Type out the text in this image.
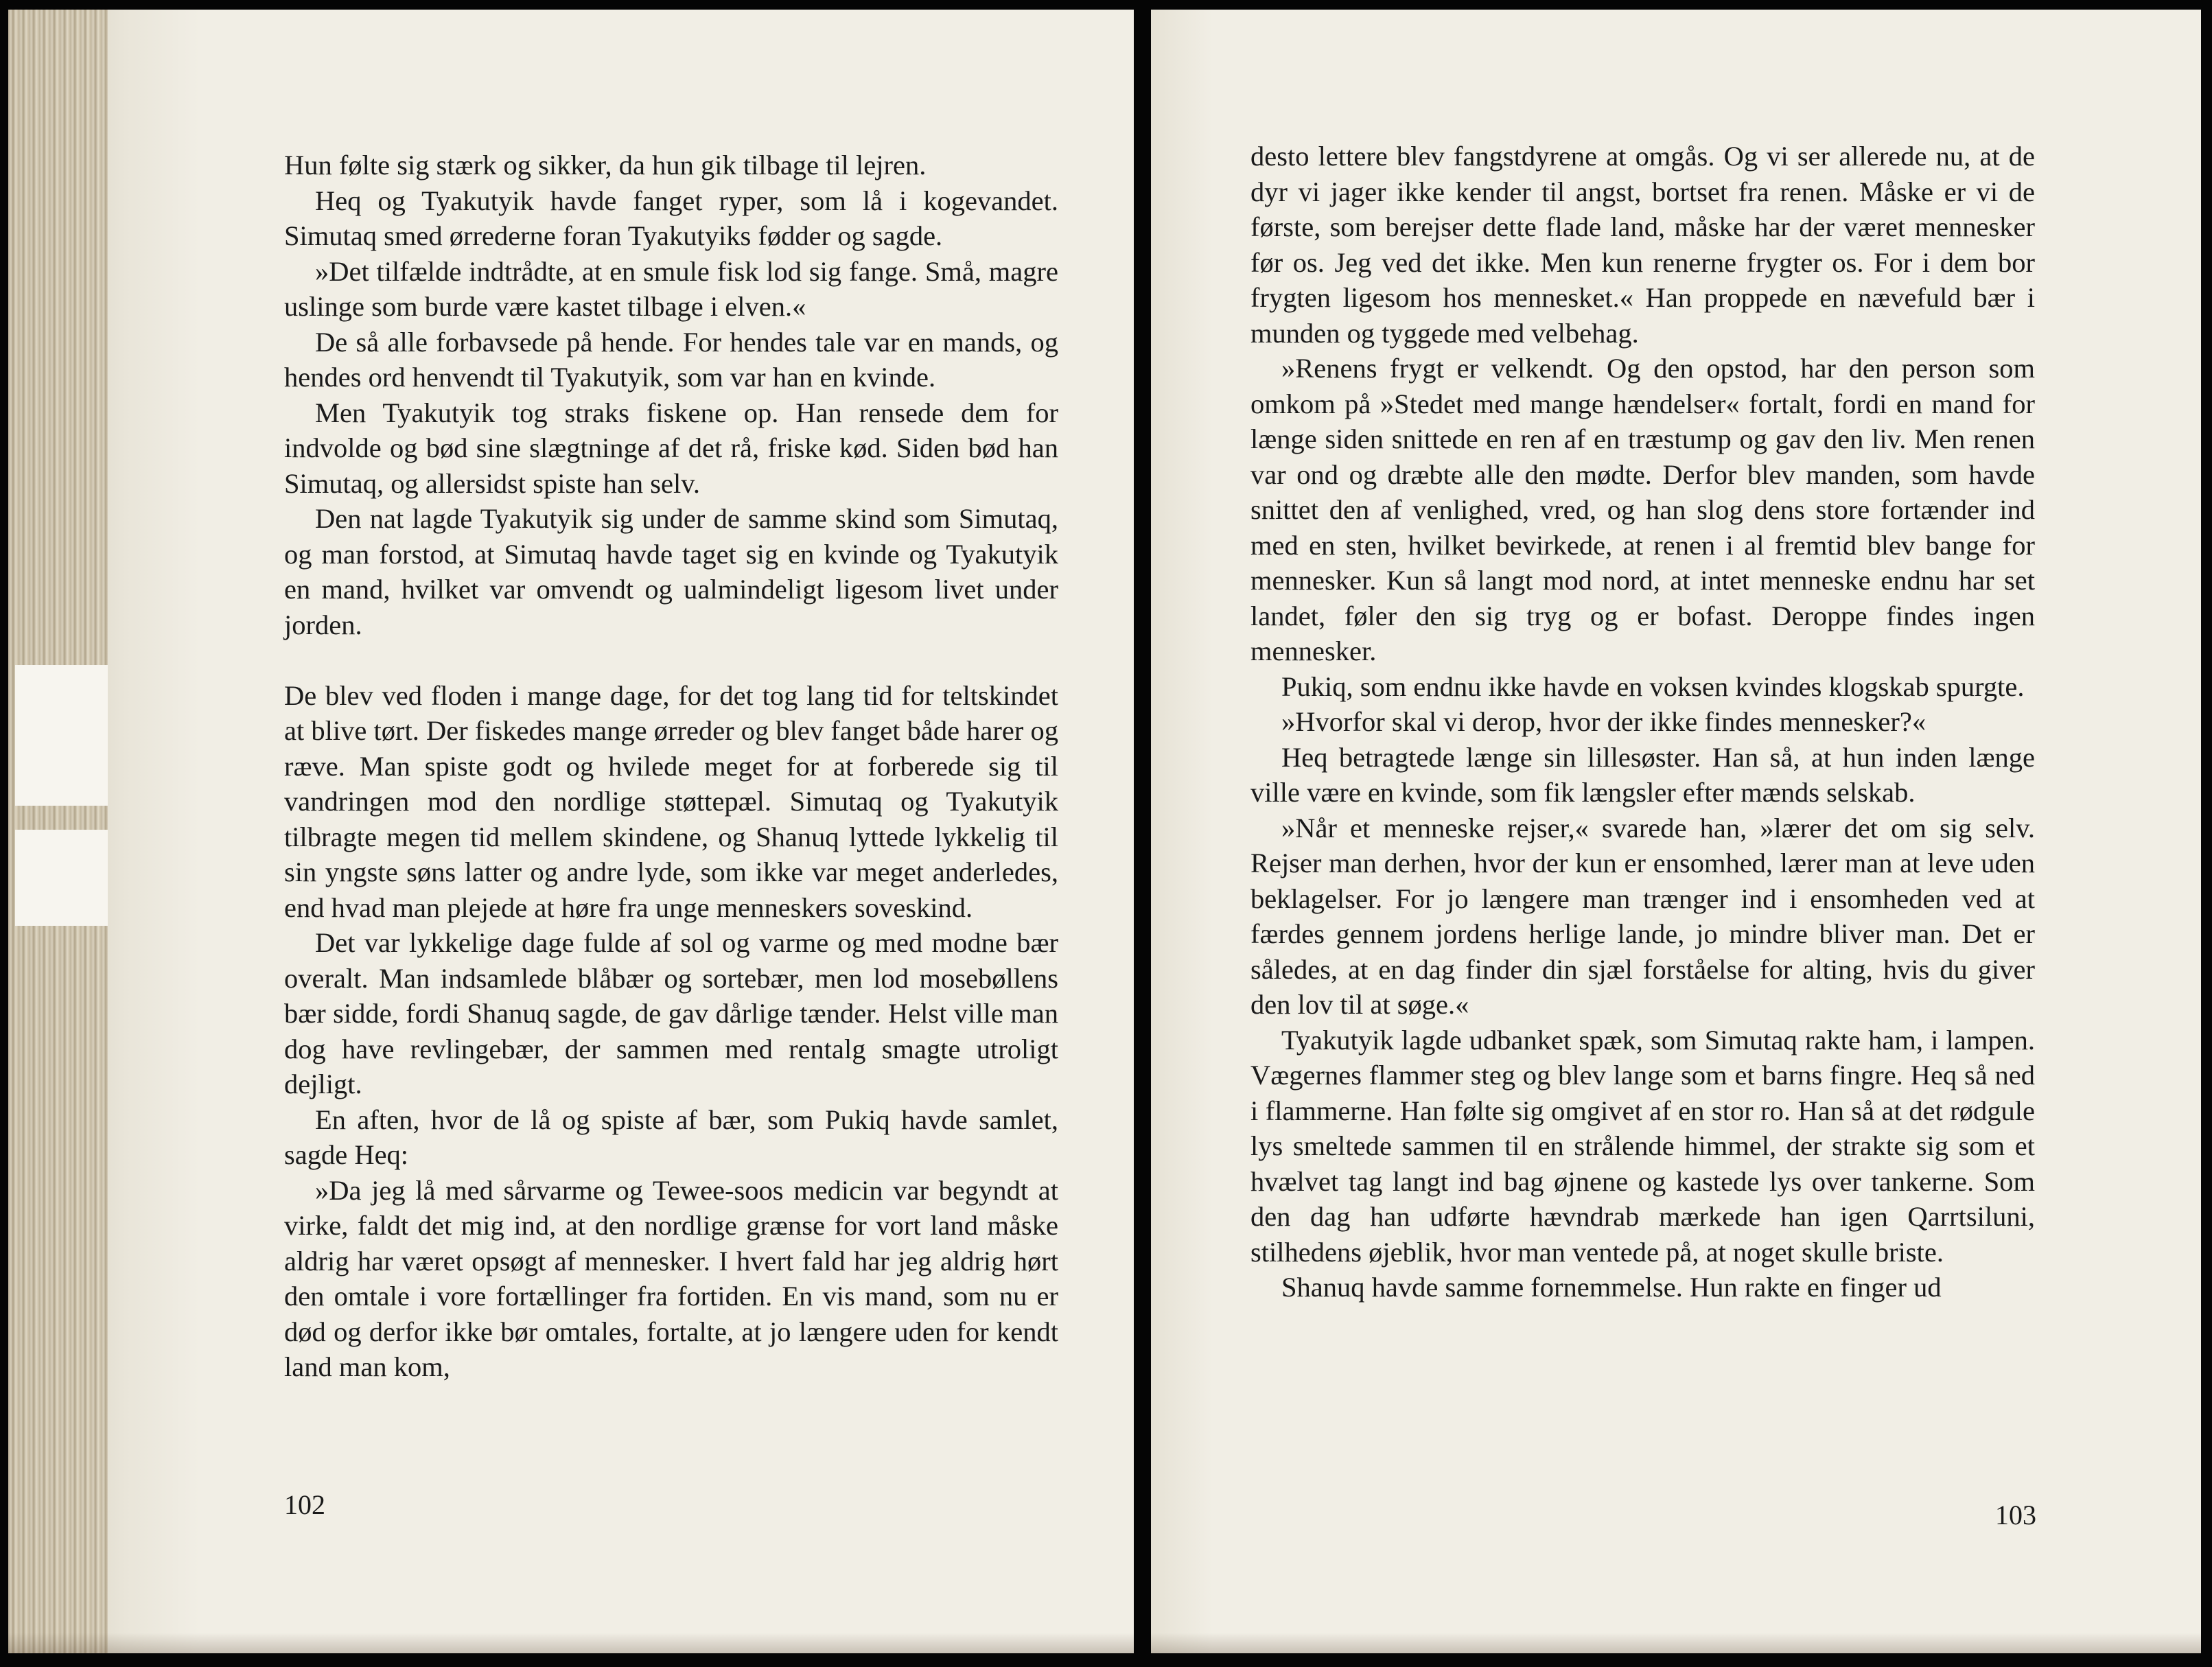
Hun følte sig stærk og sikker, da hun gik tilbage til lejren.

Heq og Tyakutyik havde fanget ryper, som lå i kogevandet. Simutaq smed ørrederne foran Tyakutyiks fødder og sagde.

»Det tilfælde indtrådte, at en smule fisk lod sig fange. Små, magre uslinge som burde være kastet tilbage i elven.«

De så alle forbavsede på hende. For hendes tale var en mands, og hendes ord henvendt til Tyakutyik, som var han en kvinde.

Men Tyakutyik tog straks fiskene op. Han rensede dem for indvolde og bød sine slægtninge af det rå, friske kød. Siden bød han Simutaq, og allersidst spiste han selv.

Den nat lagde Tyakutyik sig under de samme skind som Simutaq, og man forstod, at Simutaq havde taget sig en kvinde og Tyakutyik en mand, hvilket var omvendt og ualmindeligt ligesom livet under jorden.

De blev ved floden i mange dage, for det tog lang tid for teltskindet at blive tørt. Der fiskedes mange ørreder og blev fanget både harer og ræve. Man spiste godt og hvilede meget for at forberede sig til vandringen mod den nordlige støttepæl. Simutaq og Tyakutyik tilbragte megen tid mellem skindene, og Shanuq lyttede lykkelig til sin yngste søns latter og andre lyde, som ikke var meget anderledes, end hvad man plejede at høre fra unge menneskers soveskind.

Det var lykkelige dage fulde af sol og varme og med modne bær overalt. Man indsamlede blåbær og sortebær, men lod mosebøllens bær sidde, fordi Shanuq sagde, de gav dårlige tænder. Helst ville man dog have revlingebær, der sammen med rentalg smagte utroligt dejligt.

En aften, hvor de lå og spiste af bær, som Pukiq havde samlet, sagde Heq:

»Da jeg lå med sårvarme og Tewee-soos medicin var begyndt at virke, faldt det mig ind, at den nordlige grænse for vort land måske aldrig har været opsøgt af mennesker. I hvert fald har jeg aldrig hørt den omtale i vore fortællinger fra fortiden. En vis mand, som nu er død og derfor ikke bør omtales, fortalte, at jo længere uden for kendt land man kom,

102

desto lettere blev fangstdyrene at omgås. Og vi ser allerede nu, at de dyr vi jager ikke kender til angst, bortset fra renen. Måske er vi de første, som berejser dette flade land, måske har der været mennesker før os. Jeg ved det ikke. Men kun renerne frygter os. For i dem bor frygten ligesom hos mennesket.« Han proppede en nævefuld bær i munden og tyggede med velbehag.

»Renens frygt er velkendt. Og den opstod, har den person som omkom på »Stedet med mange hændelser« fortalt, fordi en mand for længe siden snittede en ren af en træstump og gav den liv. Men renen var ond og dræbte alle den mødte. Derfor blev manden, som havde snittet den af venlighed, vred, og han slog dens store fortænder ind med en sten, hvilket bevirkede, at renen i al fremtid blev bange for mennesker. Kun så langt mod nord, at intet menneske endnu har set landet, føler den sig tryg og er bofast. Deroppe findes ingen mennesker.

Pukiq, som endnu ikke havde en voksen kvindes klogskab spurgte.

»Hvorfor skal vi derop, hvor der ikke findes mennesker?«

Heq betragtede længe sin lillesøster. Han så, at hun inden længe ville være en kvinde, som fik længsler efter mænds selskab.

»Når et menneske rejser,« svarede han, »lærer det om sig selv. Rejser man derhen, hvor der kun er ensomhed, lærer man at leve uden beklagelser. For jo længere man trænger ind i ensomheden ved at færdes gennem jordens herlige lande, jo mindre bliver man. Det er således, at en dag finder din sjæl forståelse for alting, hvis du giver den lov til at søge.«

Tyakutyik lagde udbanket spæk, som Simutaq rakte ham, i lampen. Vægernes flammer steg og blev lange som et barns fingre. Heq så ned i flammerne. Han følte sig omgivet af en stor ro. Han så at det rødgule lys smeltede sammen til en strålende himmel, der strakte sig som et hvælvet tag langt ind bag øjnene og kastede lys over tankerne. Som den dag han udførte hævndrab mærkede han igen Qarrtsiluni, stilhedens øjeblik, hvor man ventede på, at noget skulle briste.

Shanuq havde samme fornemmelse. Hun rakte en finger ud

103
